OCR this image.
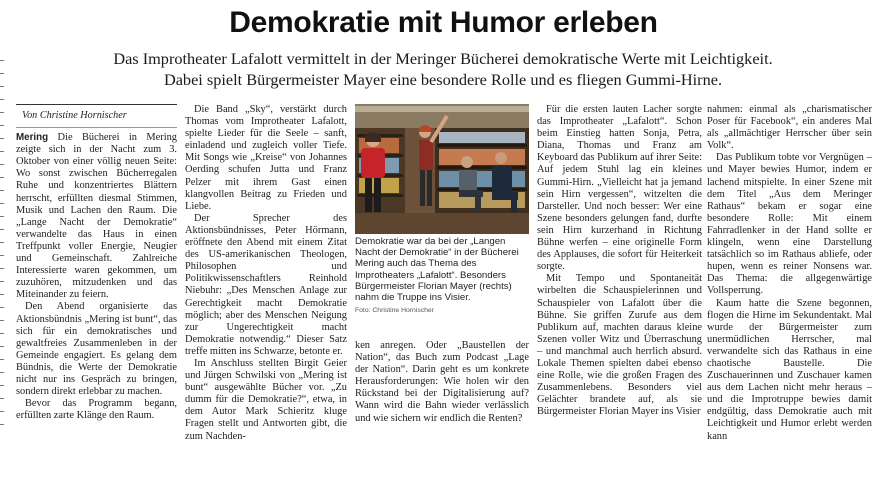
Demokratie mit Humor erleben
Das Improtheater Lafalott vermittelt in der Meringer Bücherei demokratische Werte mit Leichtigkeit.
Dabei spielt Bürgermeister Mayer eine besondere Rolle und es fliegen Gummi-Hirne.
Von Christine Hornischer

Mering Die Bücherei in Mering zeigte sich in der Nacht zum 3. Oktober von einer völlig neuen Seite: Wo sonst zwischen Bücherregalen Ruhe und konzentriertes Blättern herrscht, erfüllten diesmal Stimmen, Musik und Lachen den Raum. Die „Lange Nacht der Demokratie“ verwandelte das Haus in einen Treffpunkt voller Energie, Neugier und Gemeinschaft. Zahlreiche Interessierte waren gekommen, um zuzuhören, mitzudenken und das Miteinander zu feiern.

Den Abend organisierte das Aktionsbündnis „Mering ist bunt“, das sich für ein demokratisches und gewaltfreies Zusammenleben in der Gemeinde engagiert. Es gelang dem Bündnis, die Werte der Demokratie nicht nur ins Gespräch zu bringen, sondern direkt erlebbar zu machen.

Bevor das Programm begann, erfüllten zarte Klänge den Raum.

Die Band „Sky“, verstärkt durch Thomas vom Improtheater Lafalott, spielte Lieder für die Seele – sanft, einladend und zugleich voller Tiefe. Mit Songs wie „Kreise“ von Johannes Oerding schufen Jutta und Franz Pelzer mit ihrem Gast einen klangvollen Beitrag zu Frieden und Liebe.

Der Sprecher des Aktionsbündnisses, Peter Hörmann, eröffnete den Abend mit einem Zitat des US-amerikanischen Theologen, Philosophen und Politikwissenschaftlers Reinhold Niebuhr: „Des Menschen Anlage zur Gerechtigkeit macht Demokratie möglich; aber des Menschen Neigung zur Ungerechtigkeit macht Demokratie notwendig.“ Dieser Satz treffe mitten ins Schwarze, betonte er.

Im Anschluss stellten Birgit Geier und Jürgen Schwilski von „Mering ist bunt“ ausgewählte Bücher vor. „Zu dumm für die Demokratie?“, etwa, in dem Autor Mark Schieritz kluge Fragen stellt und Antworten gibt, die zum Nachden-

Demokratie war da bei der „Langen Nacht der Demokratie“ in der Bücherei Mering auch das Thema des Improtheaters „Lafalott“. Besonders Bürgermeister Florian Mayer (rechts) nahm die Truppe ins Visier.
Foto: Christine Hornischer

ken anregen. Oder „Baustellen der Nation“, das Buch zum Podcast „Lage der Nation“. Darin geht es um konkrete Herausforderungen: Wie holen wir den Rückstand bei der Digitalisierung auf? Wann wird die Bahn wieder verlässlich und wie sichern wir endlich die Renten?

Für die ersten lauten Lacher sorgte das Improtheater „Lafalott“. Schon beim Einstieg hatten Sonja, Petra, Diana, Thomas und Franz am Keyboard das Publikum auf ihrer Seite: Auf jedem Stuhl lag ein kleines Gummi-Hirn. „Vielleicht hat ja jemand sein Hirn vergessen“, witzelten die Darsteller. Und noch besser: Wer eine Szene besonders gelungen fand, durfte sein Hirn kurzerhand in Richtung Bühne werfen – eine originelle Form des Applauses, die sofort für Heiterkeit sorgte.

Mit Tempo und Spontaneität wirbelten die Schauspielerinnen und Schauspieler von Lafalott über die Bühne. Sie griffen Zurufe aus dem Publikum auf, machten daraus kleine Szenen voller Witz und Überraschung – und manchmal auch herrlich absurd. Lokale Themen spielten dabei ebenso eine Rolle, wie die großen Fragen des Zusammenlebens. Besonders viel Gelächter brandete auf, als sie Bürgermeister Florian Mayer ins Visier

nahmen: einmal als „charismatischer Poser für Facebook“, ein anderes Mal als „allmächtiger Herrscher über sein Volk“.

Das Publikum tobte vor Vergnügen – und Mayer bewies Humor, indem er lachend mitspielte. In einer Szene mit dem Titel „Aus dem Meringer Rathaus“ bekam er sogar eine besondere Rolle: Mit einem Fahrradlenker in der Hand sollte er klingeln, wenn eine Darstellung tatsächlich so im Rathaus abliefe, oder hupen, wenn es reiner Nonsens war. Das Thema: die allgegenwärtige Vollsperrung.

Kaum hatte die Szene begonnen, flogen die Hirne im Sekundentakt. Mal wurde der Bürgermeister zum unermüdlichen Herrscher, mal verwandelte sich das Rathaus in eine chaotische Baustelle. Die Zuschauerinnen und Zuschauer kamen aus dem Lachen nicht mehr heraus – und die Improtruppe bewies damit endgültig, dass Demokratie auch mit Leichtigkeit und Humor erlebt werden kann
